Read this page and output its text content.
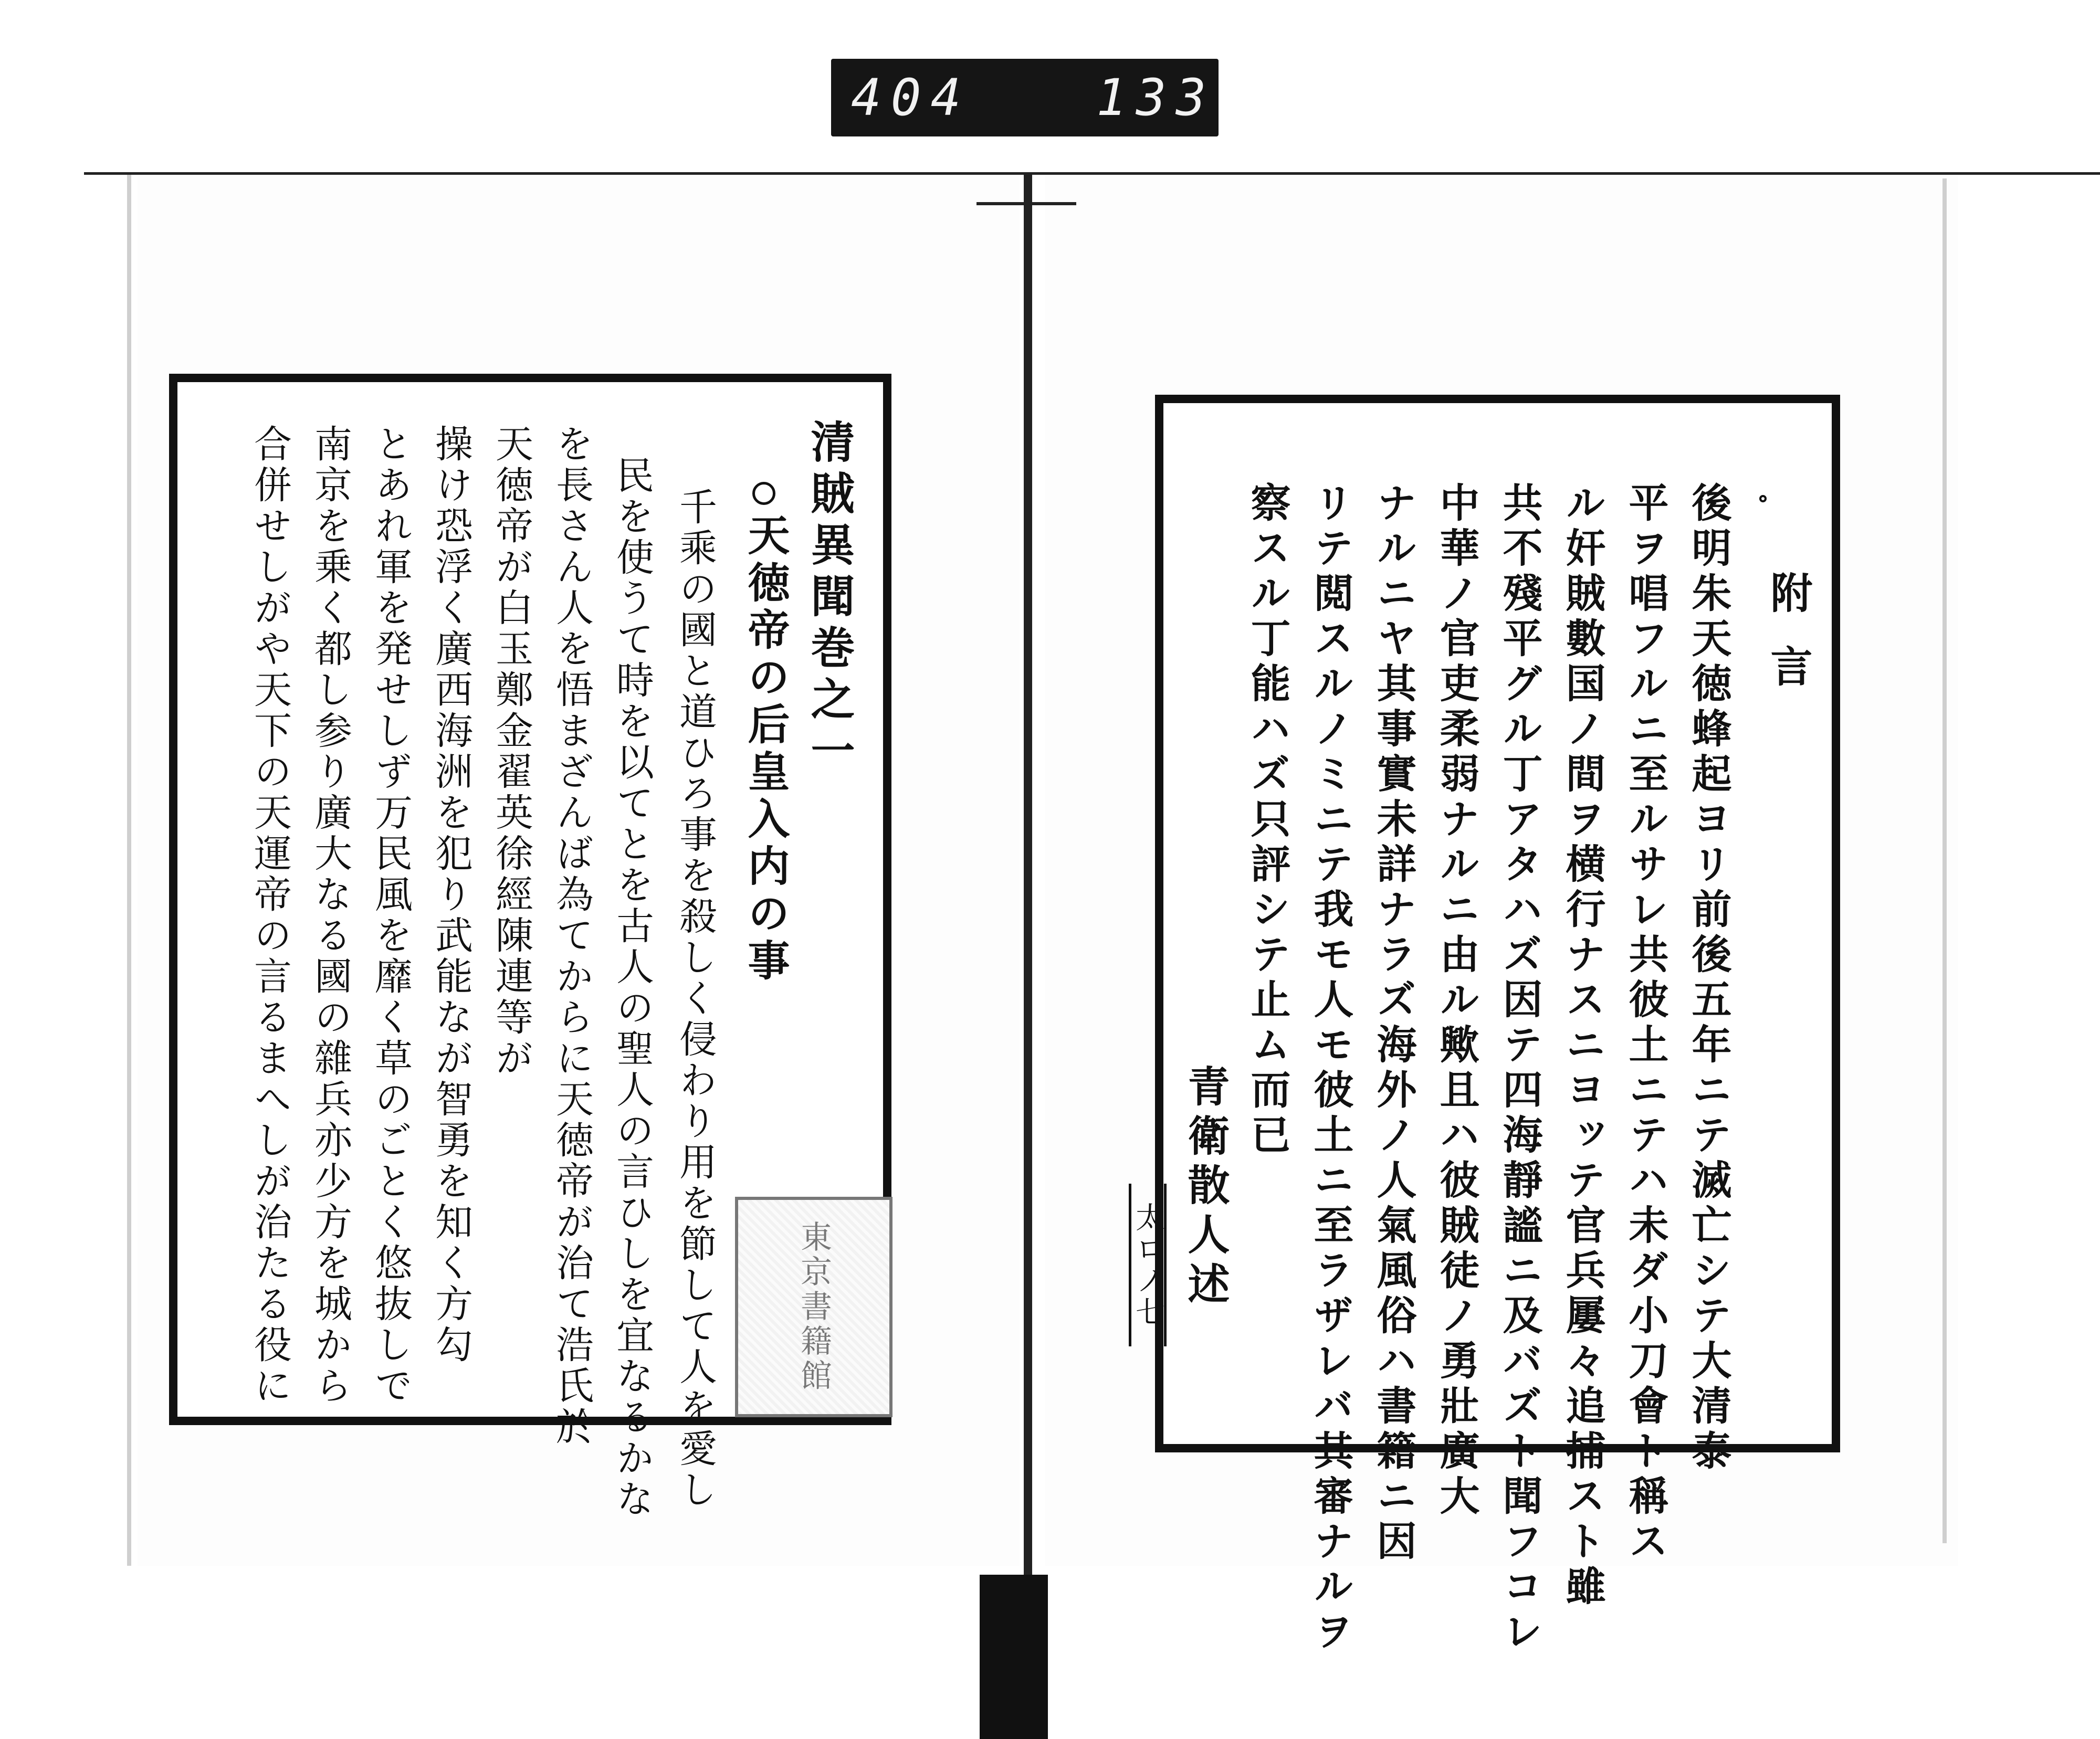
404 133
清賊異聞巻之一
天徳帝の后皇入内の事
千乘の國と道ひろ事を殺しく侵わり用を節して人を愛し
民を使うて時を以てとを古人の聖人の言ひしを宜なるかな
を長さん人を悟まざんば為てからに天徳帝が治て浩氏於
天徳帝が白玉鄭金翟英徐經陳連等が
操け恐浮く廣西海洲を犯り武能なが智勇を知く方勾
とあれ軍を発せしず万民風を靡く草のごとく悠抜しで
南京を乗く都し参り廣大なる國の雜兵亦少方を城から
合併せしがや天下の天運帝の言るまへしが治たる役に	東京書籍館
附言
後明朱天徳蜂起ヨリ前後五年ニテ滅亡シテ大清泰
平ヲ唱フルニ至ルサレ共彼土ニテハ未ダ小刀會ト稱ス
ル奸賊數国ノ間ヲ横行ナスニヨッテ官兵屢々追捕スト雖
共不殘平グル丁アタハズ因テ四海靜謐ニ及バズト聞フコレ
中華ノ官吏柔弱ナルニ由ル歟且ハ彼賊徒ノ勇壯廣大
ナルニヤ其事實未詳ナラズ海外ノ人氣風俗ハ書籍ニ因
リテ閲スルノミニテ我モ人モ彼土ニ至ラザレバ其審ナルヲ
察スル丁能ハズ只評シテ止ム而已
青衛散人述
太ロノ七
